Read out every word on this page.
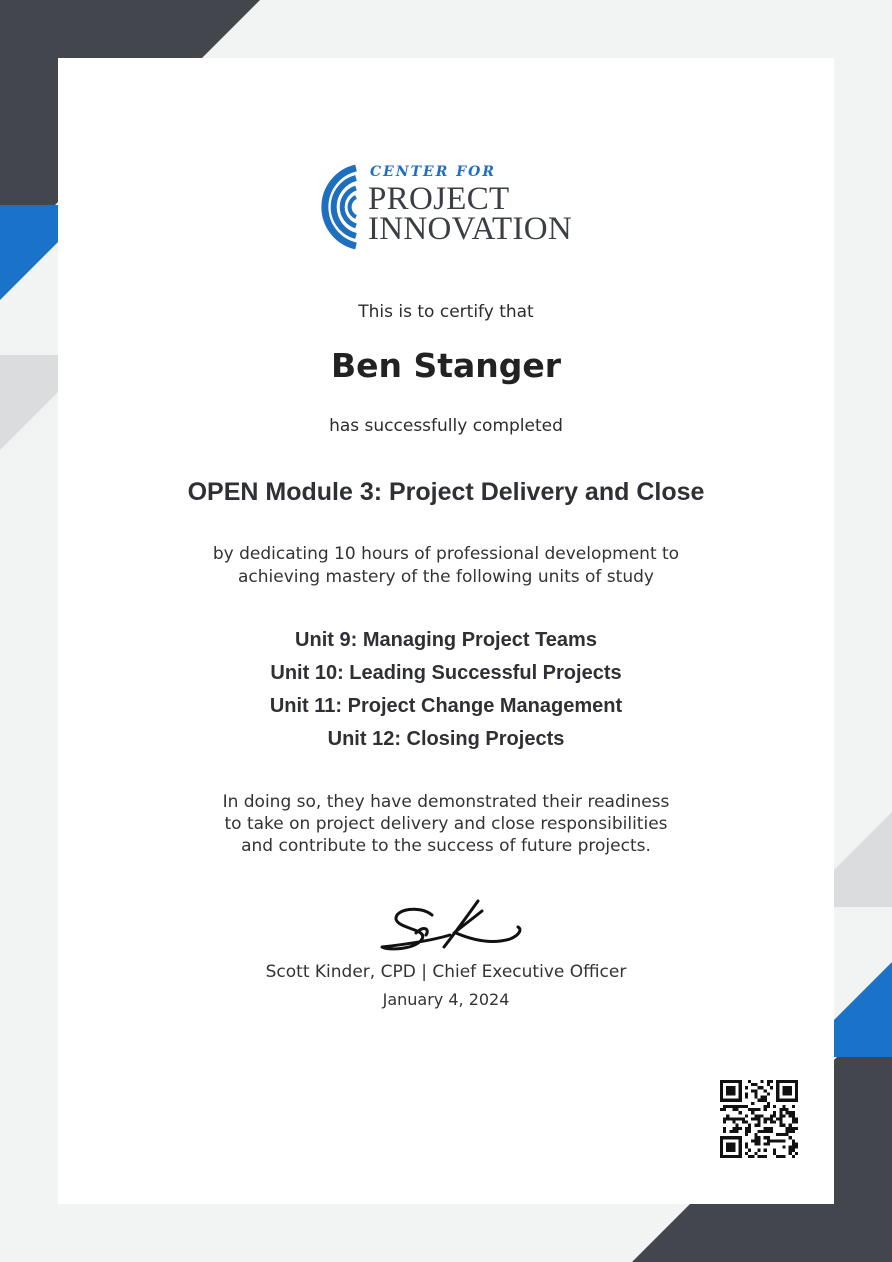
CENTER FOR
PROJECT
INNOVATION
This is to certify that
Ben Stanger
has successfully completed
OPEN Module 3: Project Delivery and Close
by dedicating 10 hours of professional development to
achieving mastery of the following units of study
Unit 9: Managing Project Teams
Unit 10: Leading Successful Projects
Unit 11: Project Change Management
Unit 12: Closing Projects
In doing so, they have demonstrated their readiness
to take on project delivery and close responsibilities
and contribute to the success of future projects.
Scott Kinder, CPD | Chief Executive Officer
January 4, 2024
